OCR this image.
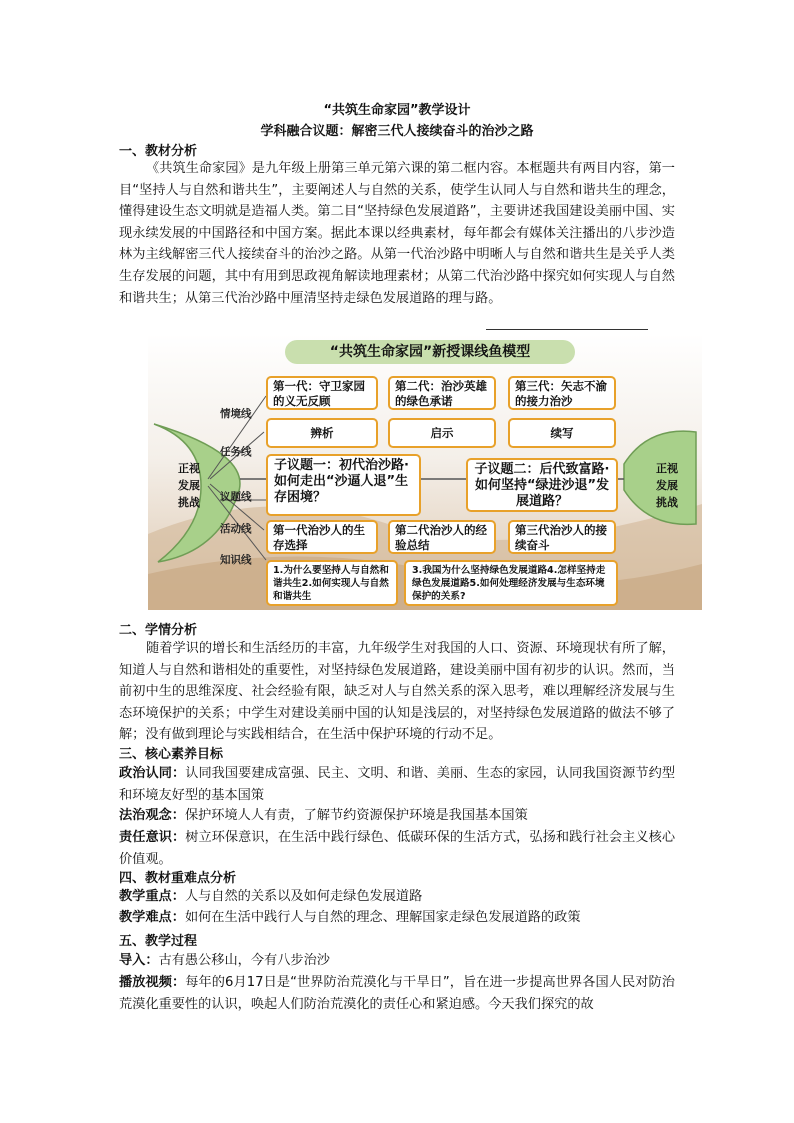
“共筑生命家园”教学设计
学科融合议题：解密三代人接续奋斗的治沙之路
一、教材分析
《共筑生命家园》是九年级上册第三单元第六课的第二框内容。本框题共有两目内容，第一目“坚持人与自然和谐共生”，主要阐述人与自然的关系，使学生认同人与自然和谐共生的理念，懂得建设生态文明就是造福人类。第二目“坚持绿色发展道路”，主要讲述我国建设美丽中国、实现永续发展的中国路径和中国方案。据此本课以经典素材，每年都会有媒体关注播出的八步沙造林为主线解密三代人接续奋斗的治沙之路。从第一代治沙路中明晰人与自然和谐共生是关乎人类生存发展的问题，其中有用到思政视角解读地理素材；从第二代治沙路中探究如何实现人与自然和谐共生；从第三代治沙路中厘清坚持走绿色发展道路的理与路。
“共筑生命家园”新授课线鱼模型
正视发展挑战
正视发展挑战
情境线
任务线
议题线
活动线
知识线
第一代：守卫家园的义无反顾
第二代：治沙英雄的绿色承诺
第三代：矢志不渝的接力治沙
辨析	启示	续写
子议题一：初代治沙路·如何走出“沙逼人退”生存困境？
子议题二：后代致富路·如何坚持“绿进沙退”发展道路？
第一代治沙人的生存选择
第二代治沙人的经验总结
第三代治沙人的接续奋斗
1.为什么要坚持人与自然和谐共生2.如何实现人与自然和谐共生
3.我国为什么坚持绿色发展道路4.怎样坚持走绿色发展道路5.如何处理经济发展与生态环境保护的关系?
二、学情分析
随着学识的增长和生活经历的丰富，九年级学生对我国的人口、资源、环境现状有所了解，知道人与自然和谐相处的重要性，对坚持绿色发展道路，建设美丽中国有初步的认识。然而，当前初中生的思维深度、社会经验有限，缺乏对人与自然关系的深入思考，难以理解经济发展与生态环境保护的关系；中学生对建设美丽中国的认知是浅层的，对坚持绿色发展道路的做法不够了解；没有做到理论与实践相结合，在生活中保护环境的行动不足。
三、核心素养目标
政治认同：认同我国要建成富强、民主、文明、和谐、美丽、生态的家园，认同我国资源节约型和环境友好型的基本国策
法治观念：保护环境人人有责，了解节约资源保护环境是我国基本国策
责任意识：树立环保意识，在生活中践行绿色、低碳环保的生活方式，弘扬和践行社会主义核心价值观。
四、教材重难点分析
教学重点：人与自然的关系以及如何走绿色发展道路
教学难点：如何在生活中践行人与自然的理念、理解国家走绿色发展道路的政策
五、教学过程
导入：古有愚公移山，今有八步治沙
播放视频：每年的6月17日是“世界防治荒漠化与干旱日”，旨在进一步提高世界各国人民对防治荒漠化重要性的认识，唤起人们防治荒漠化的责任心和紧迫感。今天我们探究的故
